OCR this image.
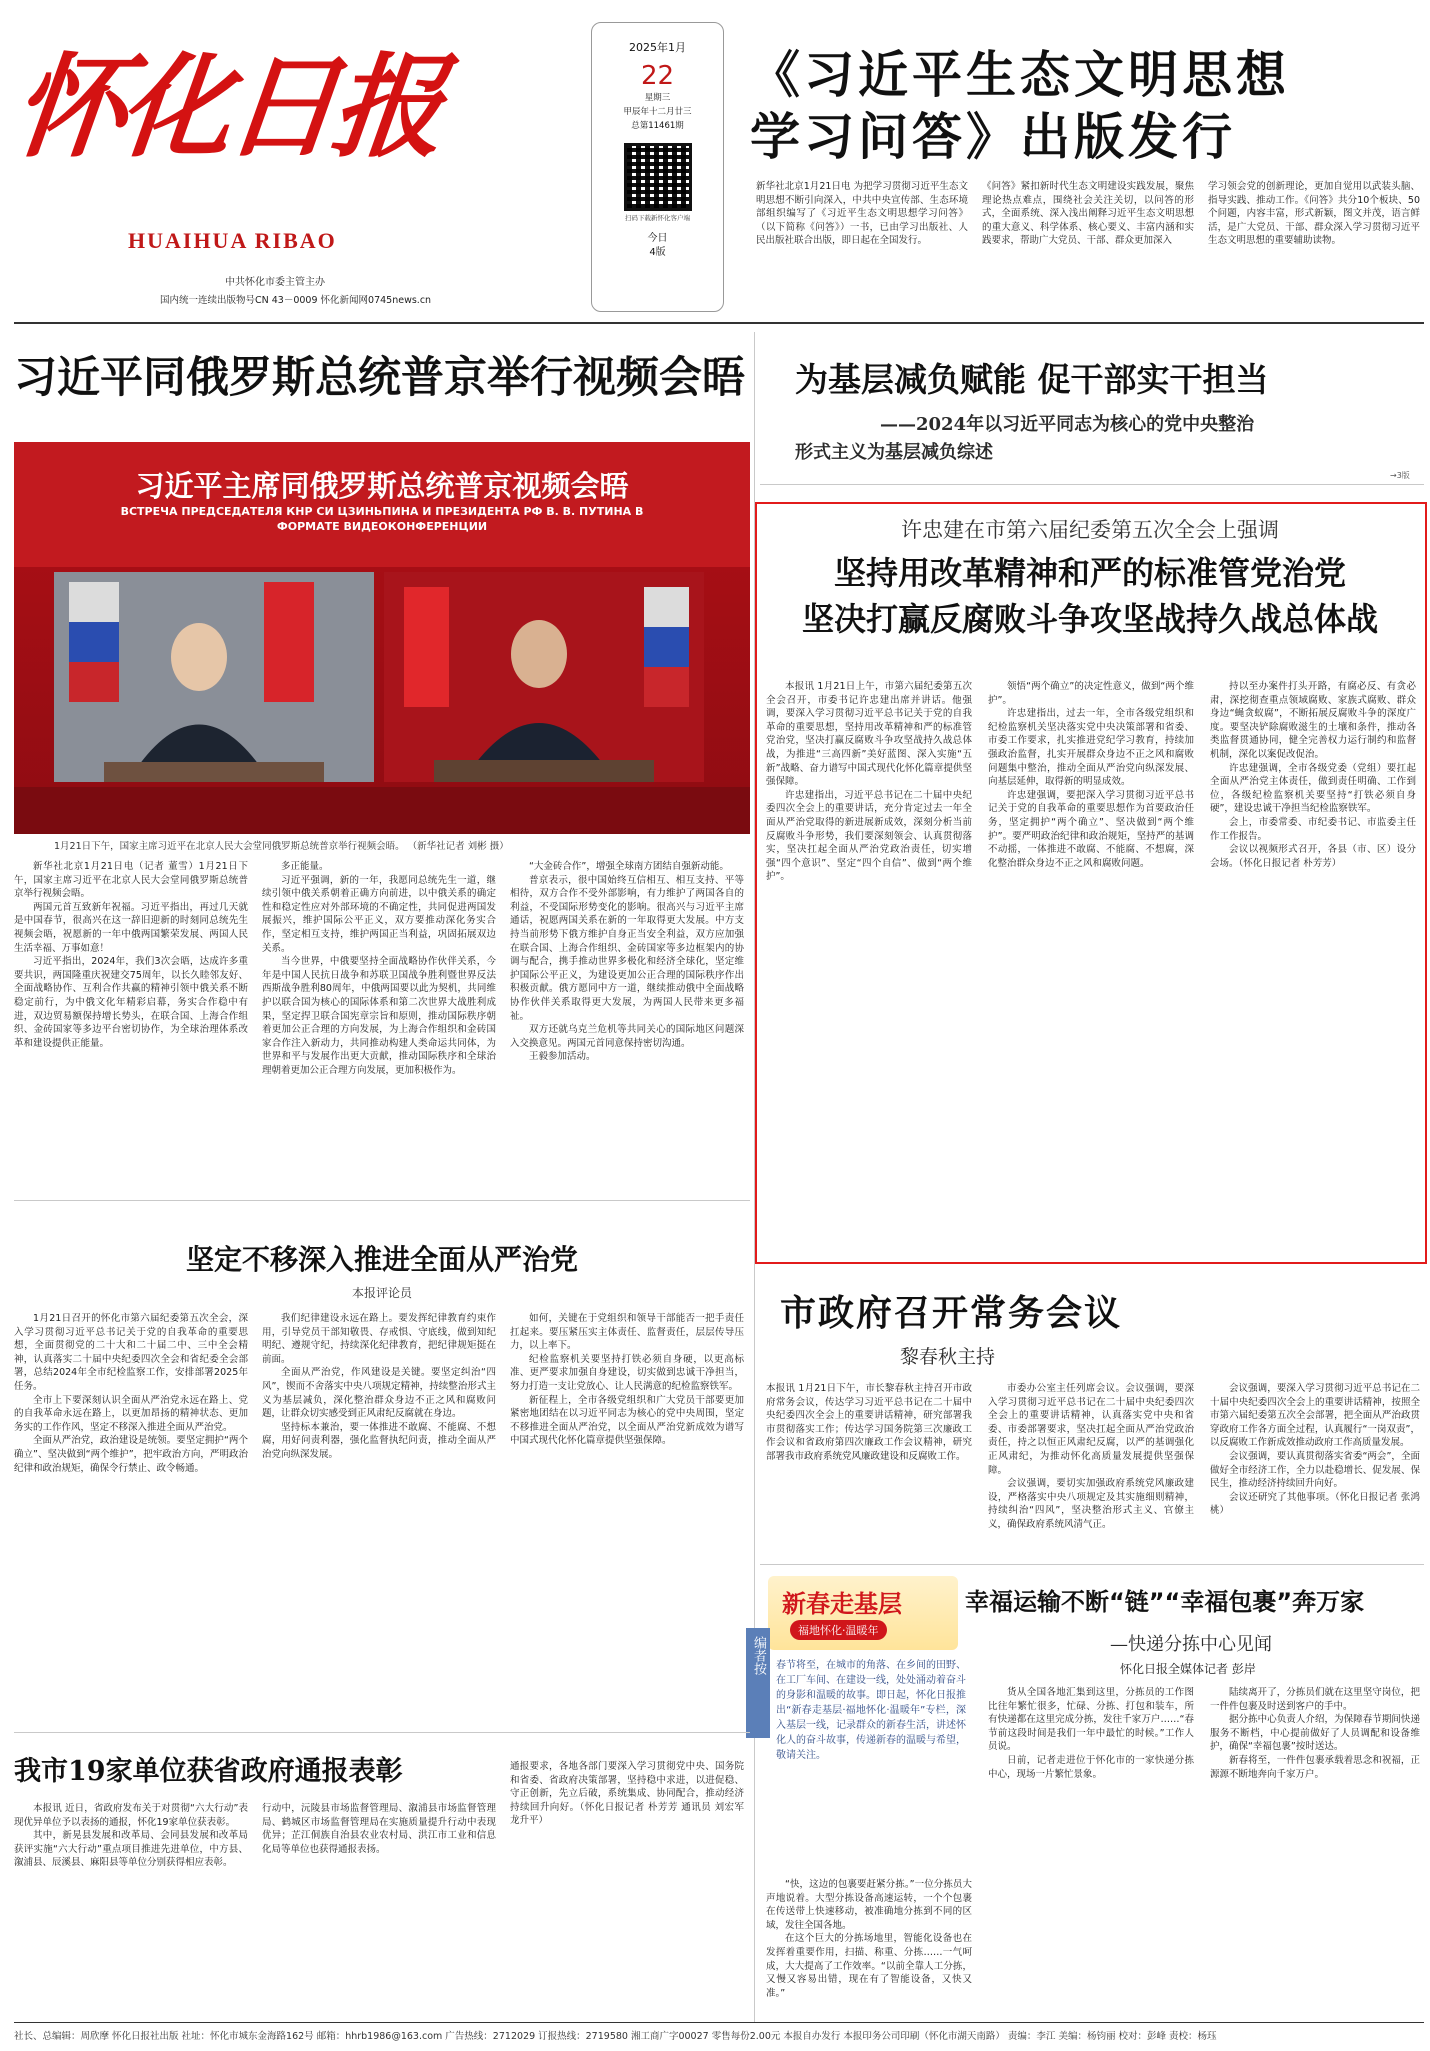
怀化日报
HUAIHUA RIBAO
中共怀化市委主管主办
国内统一连续出版物号CN 43－0009 怀化新闻网0745news.cn
2025年1月
22
星期三
甲辰年十二月廿三
总第11461期
扫码下载新怀化客户端
今日
4版
《习近平生态文明思想
学习问答》出版发行
新华社北京1月21日电 为把学习贯彻习近平生态文明思想不断引向深入，中共中央宣传部、生态环境部组织编写了《习近平生态文明思想学习问答》（以下简称《问答》）一书，已由学习出版社、人民出版社联合出版，即日起在全国发行。
《问答》紧扣新时代生态文明建设实践发展，聚焦理论热点难点，围绕社会关注关切，以问答的形式，全面系统、深入浅出阐释习近平生态文明思想的重大意义、科学体系、核心要义、丰富内涵和实践要求，帮助广大党员、干部、群众更加深入
学习领会党的创新理论，更加自觉用以武装头脑、指导实践、推动工作。《问答》共分10个板块、50个问题，内容丰富，形式新颖，图文并茂，语言鲜活，是广大党员、干部、群众深入学习贯彻习近平生态文明思想的重要辅助读物。
习近平同俄罗斯总统普京举行视频会晤
习近平主席同俄罗斯总统普京视频会晤
ВСТРЕЧА ПРЕДСЕДАТЕЛЯ КНР СИ ЦЗИНЬПИНА И ПРЕЗИДЕНТА РФ В. В. ПУТИНА В ФОРМАТЕ ВИДЕОКОНФЕРЕНЦИИ
1月21日下午，国家主席习近平在北京人民大会堂同俄罗斯总统普京举行视频会晤。 （新华社记者 刘彬 摄）

新华社北京1月21日电（记者 董雪）1月21日下午，国家主席习近平在北京人民大会堂同俄罗斯总统普京举行视频会晤。

两国元首互致新年祝福。习近平指出，再过几天就是中国春节，很高兴在这一辞旧迎新的时刻同总统先生视频会晤，祝愿新的一年中俄两国繁荣发展、两国人民生活幸福、万事如意！

习近平指出，2024年，我们3次会晤，达成许多重要共识，两国隆重庆祝建交75周年，以长久睦邻友好、全面战略协作、互利合作共赢的精神引领中俄关系不断稳定前行，为中俄文化年精彩启幕，务实合作稳中有进，双边贸易额保持增长势头，在联合国、上海合作组织、金砖国家等多边平台密切协作，为全球治理体系改革和建设提供正能量。

多正能量。

习近平强调，新的一年，我愿同总统先生一道，继续引领中俄关系朝着正确方向前进，以中俄关系的确定性和稳定性应对外部环境的不确定性，共同促进两国发展振兴，维护国际公平正义，双方要推动深化务实合作，坚定相互支持，维护两国正当利益，巩固拓展双边关系。

当今世界，中俄要坚持全面战略协作伙伴关系，今年是中国人民抗日战争和苏联卫国战争胜利暨世界反法西斯战争胜利80周年，中俄两国要以此为契机，共同维护以联合国为核心的国际体系和第二次世界大战胜利成果，坚定捍卫联合国宪章宗旨和原则，推动国际秩序朝着更加公正合理的方向发展，为上海合作组织和金砖国家合作注入新动力，共同推动构建人类命运共同体，为世界和平与发展作出更大贡献，推动国际秩序和全球治理朝着更加公正合理方向发展，更加积极作为。

“大金砖合作”，增强全球南方团结自强新动能。

普京表示，很中国始终互信相互、相互支持、平等相待，双方合作不受外部影响，有力维护了两国各自的利益，不受国际形势变化的影响。很高兴与习近平主席通话，祝愿两国关系在新的一年取得更大发展。中方支持当前形势下俄方维护自身正当安全利益，双方应加强在联合国、上海合作组织、金砖国家等多边框架内的协调与配合，携手推动世界多极化和经济全球化，坚定维护国际公平正义，为建设更加公正合理的国际秩序作出积极贡献。俄方愿同中方一道，继续推动俄中全面战略协作伙伴关系取得更大发展，为两国人民带来更多福祉。

双方还就乌克兰危机等共同关心的国际地区问题深入交换意见。两国元首同意保持密切沟通。

王毅参加活动。

为基层减负赋能 促干部实干担当
——2024年以习近平同志为核心的党中央整治
形式主义为基层减负综述
→3版
许忠建在市第六届纪委第五次全会上强调
坚持用改革精神和严的标准管党治党
坚决打赢反腐败斗争攻坚战持久战总体战

本报讯 1月21日上午，市第六届纪委第五次全会召开，市委书记许忠建出席并讲话。他强调，要深入学习贯彻习近平总书记关于党的自我革命的重要思想，坚持用改革精神和严的标准管党治党，坚决打赢反腐败斗争攻坚战持久战总体战，为推进“三高四新”美好蓝图、深入实施“五新”战略、奋力谱写中国式现代化怀化篇章提供坚强保障。

许忠建指出，习近平总书记在二十届中央纪委四次全会上的重要讲话，充分肯定过去一年全面从严治党取得的新进展新成效，深刻分析当前反腐败斗争形势，我们要深刻领会、认真贯彻落实，坚决扛起全面从严治党政治责任，切实增强“四个意识”、坚定“四个自信”、做到“两个维护”。

领悟“两个确立”的决定性意义，做到“两个维护”。

许忠建指出，过去一年，全市各级党组织和纪检监察机关坚决落实党中央决策部署和省委、市委工作要求，扎实推进党纪学习教育，持续加强政治监督，扎实开展群众身边不正之风和腐败问题集中整治，推动全面从严治党向纵深发展、向基层延伸，取得新的明显成效。

许忠建强调，要把深入学习贯彻习近平总书记关于党的自我革命的重要思想作为首要政治任务，坚定拥护“两个确立”、坚决做到“两个维护”。要严明政治纪律和政治规矩，坚持严的基调不动摇，一体推进不敢腐、不能腐、不想腐，深化整治群众身边不正之风和腐败问题。

持以至办案件打头开路，有腐必反、有贪必肃，深挖彻查重点领域腐败、家族式腐败、群众身边“蝇贪蚁腐”，不断拓展反腐败斗争的深度广度。要坚决铲除腐败滋生的土壤和条件，推动各类监督贯通协同，健全完善权力运行制约和监督机制，深化以案促改促治。

许忠建强调，全市各级党委（党组）要扛起全面从严治党主体责任，做到责任明确、工作到位，各级纪检监察机关要坚持“打铁必须自身硬”，建设忠诚干净担当纪检监察铁军。

会上，市委常委、市纪委书记、市监委主任作工作报告。

会议以视频形式召开，各县（市、区）设分会场。（怀化日报记者 朴芳芳）

市政府召开常务会议
黎春秋主持
本报讯 1月21日下午，市长黎春秋主持召开市政府常务会议，传达学习习近平总书记在二十届中央纪委四次全会上的重要讲话精神，研究部署我市贯彻落实工作；传达学习国务院第三次廉政工作会议和省政府第四次廉政工作会议精神，研究部署我市政府系统党风廉政建设和反腐败工作。

市委办公室主任列席会议。会议强调，要深入学习贯彻习近平总书记在二十届中央纪委四次全会上的重要讲话精神，认真落实党中央和省委、市委部署要求，坚决扛起全面从严治党政治责任，持之以恒正风肃纪反腐，以严的基调强化正风肃纪，为推动怀化高质量发展提供坚强保障。

会议强调，要切实加强政府系统党风廉政建设，严格落实中央八项规定及其实施细则精神，持续纠治“四风”，坚决整治形式主义、官僚主义，确保政府系统风清气正。

会议强调，要深入学习贯彻习近平总书记在二十届中央纪委四次全会上的重要讲话精神，按照全市第六届纪委第五次全会部署，把全面从严治政贯穿政府工作各方面全过程，认真履行“一岗双责”，以反腐败工作新成效推动政府工作高质量发展。

会议强调，要认真贯彻落实省委“两会”，全面做好全市经济工作，全力以赴稳增长、促发展、保民生，推动经济持续回升向好。

会议还研究了其他事项。（怀化日报记者 张鸿桃）

新春走基层
福地怀化·温暖年
编者按	春节将至，在城市的角落、在乡间的田野、在工厂车间、在建设一线，处处涌动着奋斗的身影和温暖的故事。即日起，怀化日报推出“新春走基层·福地怀化·温暖年”专栏，深入基层一线，记录群众的新春生活，讲述怀化人的奋斗故事，传递新春的温暖与希望，敬请关注。
幸福运输不断“链”“幸福包裹”奔万家
—快递分拣中心见闻
怀化日报全媒体记者 彭岸

货从全国各地汇集到这里，分拣员的工作图比往年繁忙很多，忙碌、分拣、打包和装车，所有快递都在这里完成分拣，发往千家万户……“春节前这段时间是我们一年中最忙的时候。”工作人员说。

日前，记者走进位于怀化市的一家快递分拣中心，现场一片繁忙景象。

“快，这边的包裹要赶紧分拣。”一位分拣员大声地说着。大型分拣设备高速运转，一个个包裹在传送带上快速移动，被准确地分拣到不同的区域，发往全国各地。

在这个巨大的分拣场地里，智能化设备也在发挥着重要作用，扫描、称重、分拣……一气呵成，大大提高了工作效率。“以前全靠人工分拣，又慢又容易出错，现在有了智能设备，又快又准。”

陆续离开了，分拣员们就在这里坚守岗位，把一件件包裹及时送到客户的手中。

据分拣中心负责人介绍，为保障春节期间快递服务不断档，中心提前做好了人员调配和设备维护，确保“幸福包裹”按时送达。

新春将至，一件件包裹承载着思念和祝福，正源源不断地奔向千家万户。

坚定不移深入推进全面从严治党
本报评论员

1月21日召开的怀化市第六届纪委第五次全会，深入学习贯彻习近平总书记关于党的自我革命的重要思想，全面贯彻党的二十大和二十届二中、三中全会精神，认真落实二十届中央纪委四次全会和省纪委全会部署，总结2024年全市纪检监察工作，安排部署2025年任务。

全市上下要深刻认识全面从严治党永远在路上、党的自我革命永远在路上，以更加昂扬的精神状态、更加务实的工作作风，坚定不移深入推进全面从严治党。

全面从严治党，政治建设是统领。要坚定拥护“两个确立”、坚决做到“两个维护”，把牢政治方向，严明政治纪律和政治规矩，确保令行禁止、政令畅通。

我们纪律建设永远在路上。要发挥纪律教育约束作用，引导党员干部知敬畏、存戒惧、守底线，做到知纪明纪、遵规守纪，持续深化纪律教育，把纪律规矩挺在前面。

全面从严治党，作风建设是关键。要坚定纠治“四风”，锲而不舍落实中央八项规定精神，持续整治形式主义为基层减负，深化整治群众身边不正之风和腐败问题，让群众切实感受到正风肃纪反腐就在身边。

坚持标本兼治，要一体推进不敢腐、不能腐、不想腐，用好问责利器，强化监督执纪问责，推动全面从严治党向纵深发展。

如何，关键在于党组织和领导干部能否一把手责任扛起来。要压紧压实主体责任、监督责任，层层传导压力，以上率下。

纪检监察机关要坚持打铁必须自身硬，以更高标准、更严要求加强自身建设，切实做到忠诚干净担当，努力打造一支让党放心、让人民满意的纪检监察铁军。

新征程上，全市各级党组织和广大党员干部要更加紧密地团结在以习近平同志为核心的党中央周围，坚定不移推进全面从严治党，以全面从严治党新成效为谱写中国式现代化怀化篇章提供坚强保障。

我市19家单位获省政府通报表彰

本报讯 近日，省政府发布关于对贯彻“六大行动”表现优异单位予以表扬的通报，怀化19家单位获表彰。

其中，新晃县发展和改革局、会同县发展和改革局获评实施“六大行动”重点项目推进先进单位，中方县、溆浦县、辰溪县、麻阳县等单位分别获得相应表彰。

行动中，沅陵县市场监督管理局、溆浦县市场监督管理局、鹤城区市场监督管理局在实施质量提升行动中表现优异；芷江侗族自治县农业农村局、洪江市工业和信息化局等单位也获得通报表扬。
通报要求，各地各部门要深入学习贯彻党中央、国务院和省委、省政府决策部署，坚持稳中求进，以进促稳、守正创新，先立后破，系统集成、协同配合，推动经济持续回升向好。（怀化日报记者 朴芳芳 通讯员 刘宏军 龙升平）
社长、总编辑：周欣摩 怀化日报社出版 社址：怀化市城东金海路162号 邮箱：hhrb1986@163.com 广告热线：2712029 订报热线：2719580 湘工商广字00027 零售每份2.00元 本报自办发行 本报印务公司印刷（怀化市湖天南路） 责编：李江 美编：杨钧丽 校对：彭峰 责校：杨珏
